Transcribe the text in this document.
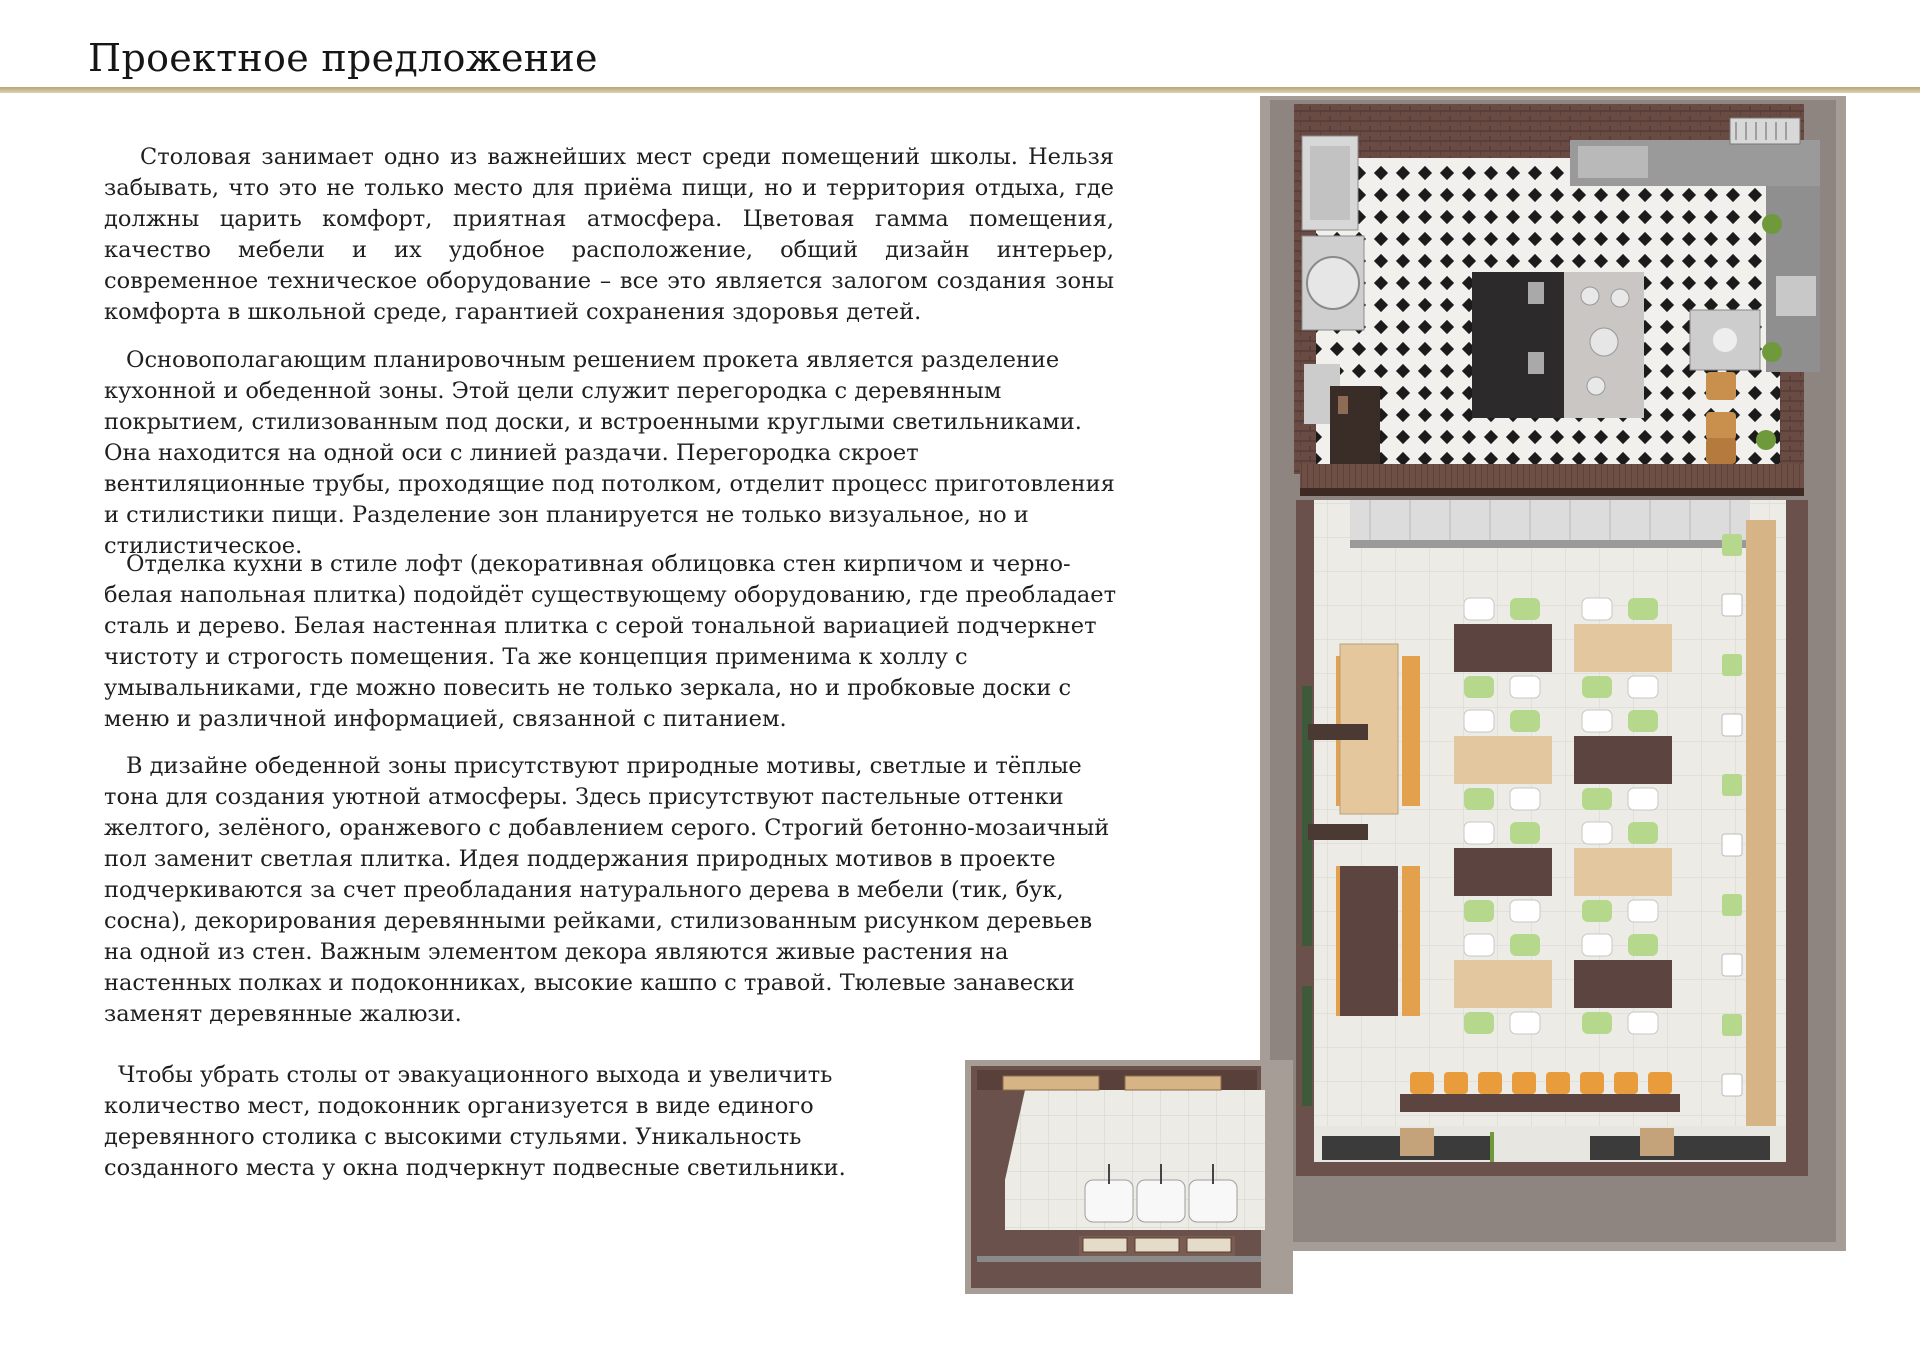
Проектное предложение

Столовая занимает одно из важнейших мест среди помещений школы. Нельзя забывать, что это не только место для приёма пищи, но и территория отдыха, где должны царить комфорт, приятная атмосфера. Цветовая гамма помещения, качество мебели и их удобное расположение, общий дизайн интерьер, современное техническое оборудование – все это является залогом создания зоны комфорта в школьной среде, гарантией сохранения здоровья детей.

Основополагающим планировочным решением прокета является разделение кухонной и обеденной зоны. Этой цели служит перегородка с деревянным покрытием, стилизованным под доски, и встроенными круглыми светильниками. Она находится на одной оси с линией раздачи. Перегородка скроет вентиляционные трубы, проходящие под потолком, отделит процесс приготовления и стилистики пищи. Разделение зон планируется не только визуальное, но и стилистическое.

Отделка кухни в стиле лофт (декоративная облицовка стен кирпичом и черно-белая напольная плитка) подойдёт существующему оборудованию, где преобладает сталь и дерево. Белая настенная плитка с серой тональной вариацией подчеркнет чистоту и строгость помещения. Та же концепция применима к холлу с умывальниками, где можно повесить не только зеркала, но и пробковые доски с меню и различной информацией, связанной с питанием.

В дизайне обеденной зоны присутствуют природные мотивы, светлые и тёплые тона для создания уютной атмосферы. Здесь присутствуют пастельные оттенки желтого, зелёного, оранжевого с добавлением серого. Строгий бетонно-мозаичный пол заменит светлая плитка. Идея поддержания природных мотивов в проекте подчеркиваются за счет преобладания натурального дерева в мебели (тик, бук, сосна), декорирования деревянными рейками, стилизованным рисунком деревьев на одной из стен. Важным элементом декора являются живые растения на настенных полках и подоконниках, высокие кашпо с травой. Тюлевые занавески заменят деревянные жалюзи.

Чтобы убрать столы от эвакуационного выхода и увеличить количество мест, подоконник организуется в виде единого деревянного столика с высокими стульями. Уникальность созданного места у окна подчеркнут подвесные светильники.
